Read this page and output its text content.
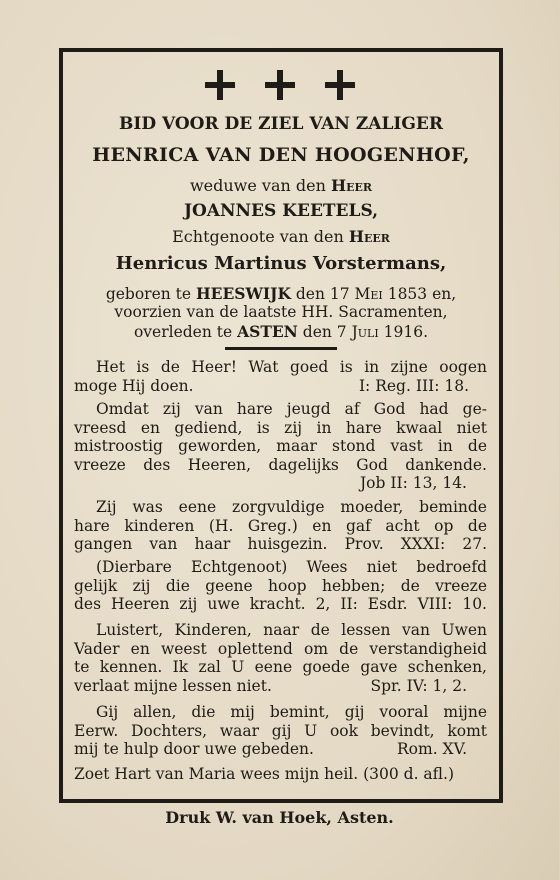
BID VOOR DE ZIEL VAN ZALIGER
HENRICA VAN DEN HOOGENHOF,
weduwe van den Heer
JOANNES KEETELS,
Echtgenoote van den Heer
Henricus Martinus Vorstermans,
geboren te HEESWIJK den 17 Mei 1853 en,
voorzien van de laatste HH. Sacramenten,
overleden te ASTEN den 7 Juli 1916.
Het is de Heer! Wat goed is in zijne oogen
moge Hij doen.	I: Reg. III: 18.
Omdat zij van hare jeugd af God had ge-
vreesd en gediend, is zij in hare kwaal niet
mistroostig geworden, maar stond vast in de
vreeze des Heeren, dagelijks God dankende.
Job II: 13, 14.
Zij was eene zorgvuldige moeder, beminde
hare kinderen (H. Greg.) en gaf acht op de
gangen van haar huisgezin. Prov. XXXI: 27.
(Dierbare Echtgenoot) Wees niet bedroefd
gelijk zij die geene hoop hebben; de vreeze
des Heeren zij uwe kracht. 2, II: Esdr. VIII: 10.
Luistert, Kinderen, naar de lessen van Uwen
Vader en weest oplettend om de verstandigheid
te kennen. Ik zal U eene goede gave schenken,
verlaat mijne lessen niet.	Spr. IV: 1, 2.
Gij allen, die mij bemint, gij vooral mijne
Eerw. Dochters, waar gij U ook bevindt, komt
mij te hulp door uwe gebeden.	Rom. XV.
Zoet Hart van Maria wees mijn heil. (300 d. afl.)
Druk W. van Hoek, Asten.
